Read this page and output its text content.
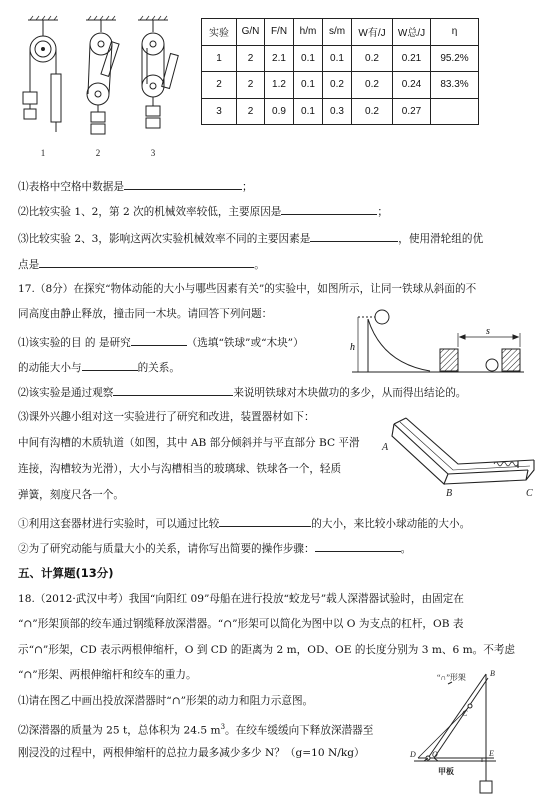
1	2	3
实验	G/N	F/N	h/m	s/m	W有/J	W总/J	η
1	2	2.1	0.1	0.1	0.2	0.21	95.2%
2	2	1.2	0.1	0.2	0.2	0.24	83.3%
3	2	0.9	0.1	0.3	0.2	0.27	
⑴表格中空格中数据是	；
⑵比较实验 1、2，第 2 次的机械效率较低，主要原因是	；
⑶比较实验 2、3，影响这两次实验机械效率不同的主要因素是	，使用滑轮组的优
点是	。
17.（8分）在探究“物体动能的大小与哪些因素有关”的实验中，如图所示，让同一铁球从斜面的不
同高度由静止释放，撞击同一木块。请回答下列问题：
⑴该实验的目 的 是研究	（选填“铁球”或“木块”）
的动能大小与	的关系。
⑵该实验是通过观察	来说明铁球对木块做功的多少，从而得出结论的。
⑶课外兴趣小组对这一实验进行了研究和改进，装置器材如下：
中间有沟槽的木质轨道（如图，其中 AB 部分倾斜并与平直部分 BC 平滑
连接，沟槽较为光滑），大小与沟槽相当的玻璃球、铁球各一个，轻质
弹簧，刻度尺各一个。
①利用这套器材进行实验时，可以通过比较	的大小，来比较小球动能的大小。
②为了研究动能与质量大小的关系，请你写出简要的操作步骤：	。
h
s
A
B	C
五、计算题(13分)
18.（2012·武汉中考）我国“向阳红 09”母船在进行投放“蛟龙号”载人深潜器试验时，由固定在
“∩”形架顶部的绞车通过钢缆释放深潜器。“∩”形架可以简化为图中以 O 为支点的杠杆，OB 表
示“∩”形架，CD 表示两根伸缩杆，O 到 CD 的距离为 2 m，OD、OE 的长度分别为 3 m、6 m。不考虑
“∩”形架、两根伸缩杆和绞车的重力。
⑴请在图乙中画出投放深潜器时“∩”形架的动力和阻力示意图。
⑵深潜器的质量为 25 t，总体积为 24.5 $m^3$。在绞车缓缓向下释放深潜器至
刚浸没的过程中，两根伸缩杆的总拉力最多减少多少 N？（g=10 N/kg）
“∩”形架	B
C
D O	E
甲板
